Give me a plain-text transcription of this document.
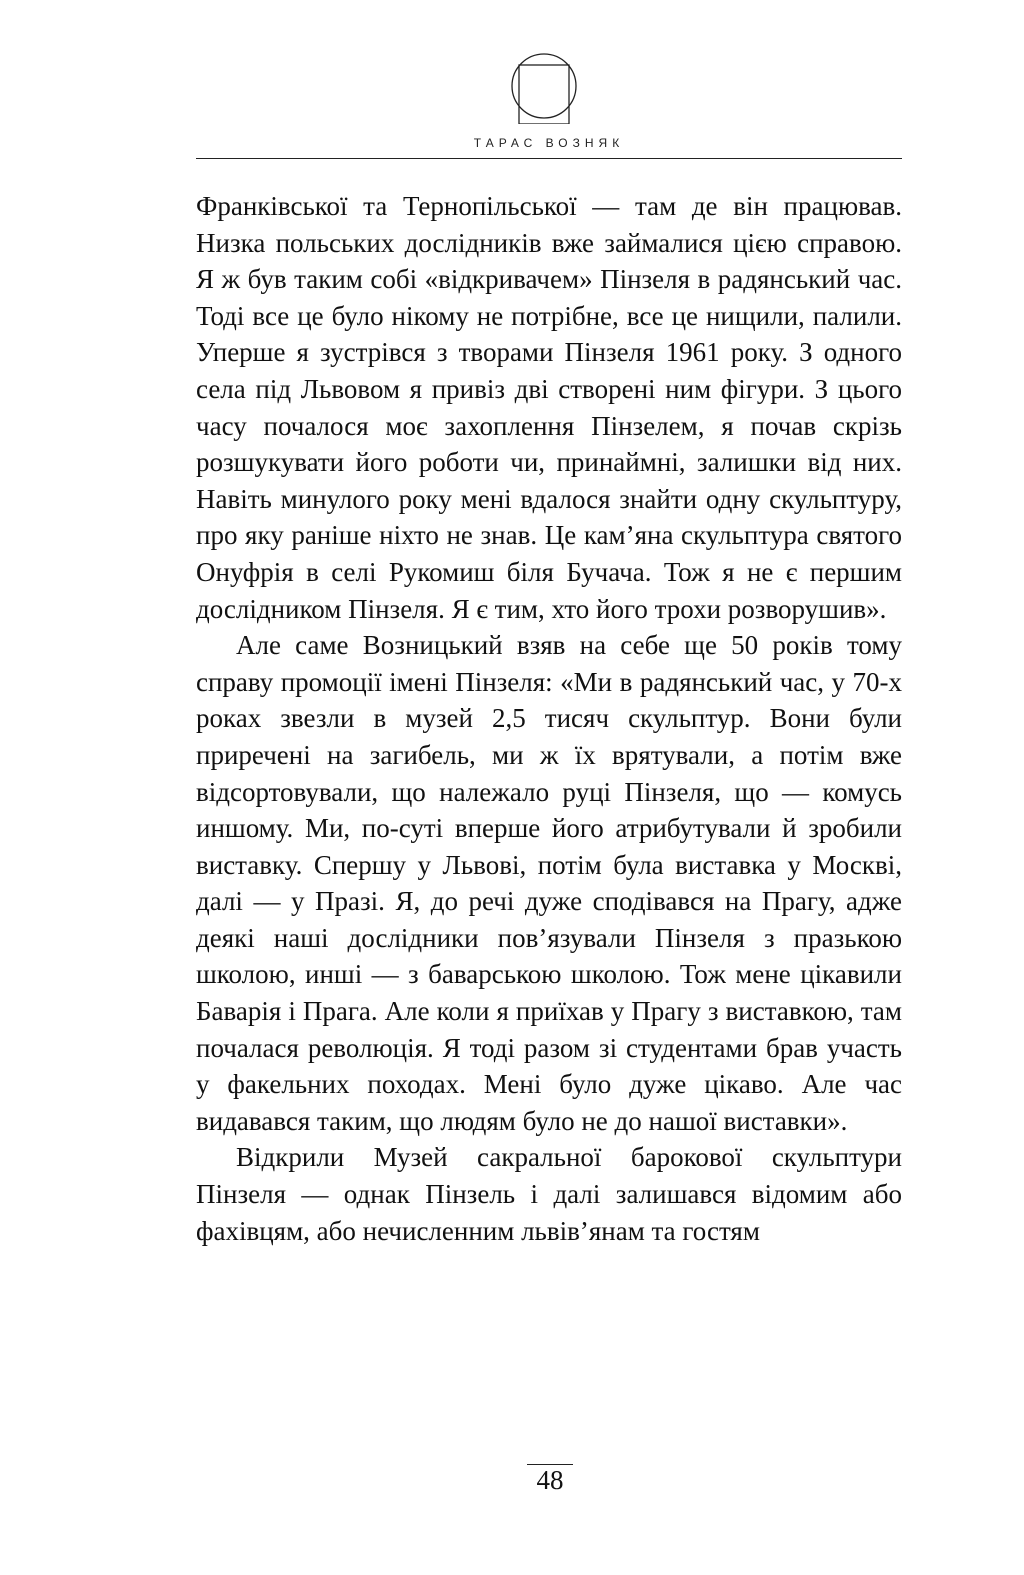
ТАРАС ВОЗНЯК

Франківської та Тернопільської — там де він працював. Низка польських дослідників вже займалися цією справою. Я ж був таким собі «відкривачем» Пінзеля в радянський час. Тоді все це було нікому не потрібне, все це нищили, палили. Уперше я зустрівся з творами Пінзеля 1961 року. З одного села під Львовом я привіз дві створені ним фігури. З цього часу почалося моє захоплення Пінзелем, я почав скрізь розшукувати його роботи чи, принаймні, залишки від них. Навіть минулого року мені вдалося знайти одну скульптуру, про яку раніше ніхто не знав. Це кам’яна скульптура святого Онуфрія в селі Рукомиш біля Бучача. Тож я не є першим дослідником Пінзеля. Я є тим, хто його трохи розворушив».

Але саме Возницький взяв на себе ще 50 років тому справу промоції імені Пінзеля: «Ми в радянський час, у 70-х роках звезли в музей 2,5 тисяч скульптур. Вони були приречені на загибель, ми ж їх врятували, а потім вже відсортовували, що належало руці Пінзеля, що — комусь иншому. Ми, по-суті вперше його атрибутували й зробили виставку. Спершу у Львові, потім була виставка у Москві, далі — у Празі. Я, до речі дуже сподівався на Прагу, адже деякі наші дослідники пов’язували Пінзеля з празькою школою, инші — з баварською школою. Тож мене цікавили Баварія і Прага. Але коли я приїхав у Прагу з виставкою, там почалася революція. Я тоді разом зі студентами брав участь у факельних походах. Мені було дуже цікаво. Але час видавався таким, що людям було не до нашої виставки».

Відкрили Музей сакральної барокової скульптури Пінзеля — однак Пінзель і далі залишався відомим або фахівцям, або нечисленним львів’янам та гостям

48
